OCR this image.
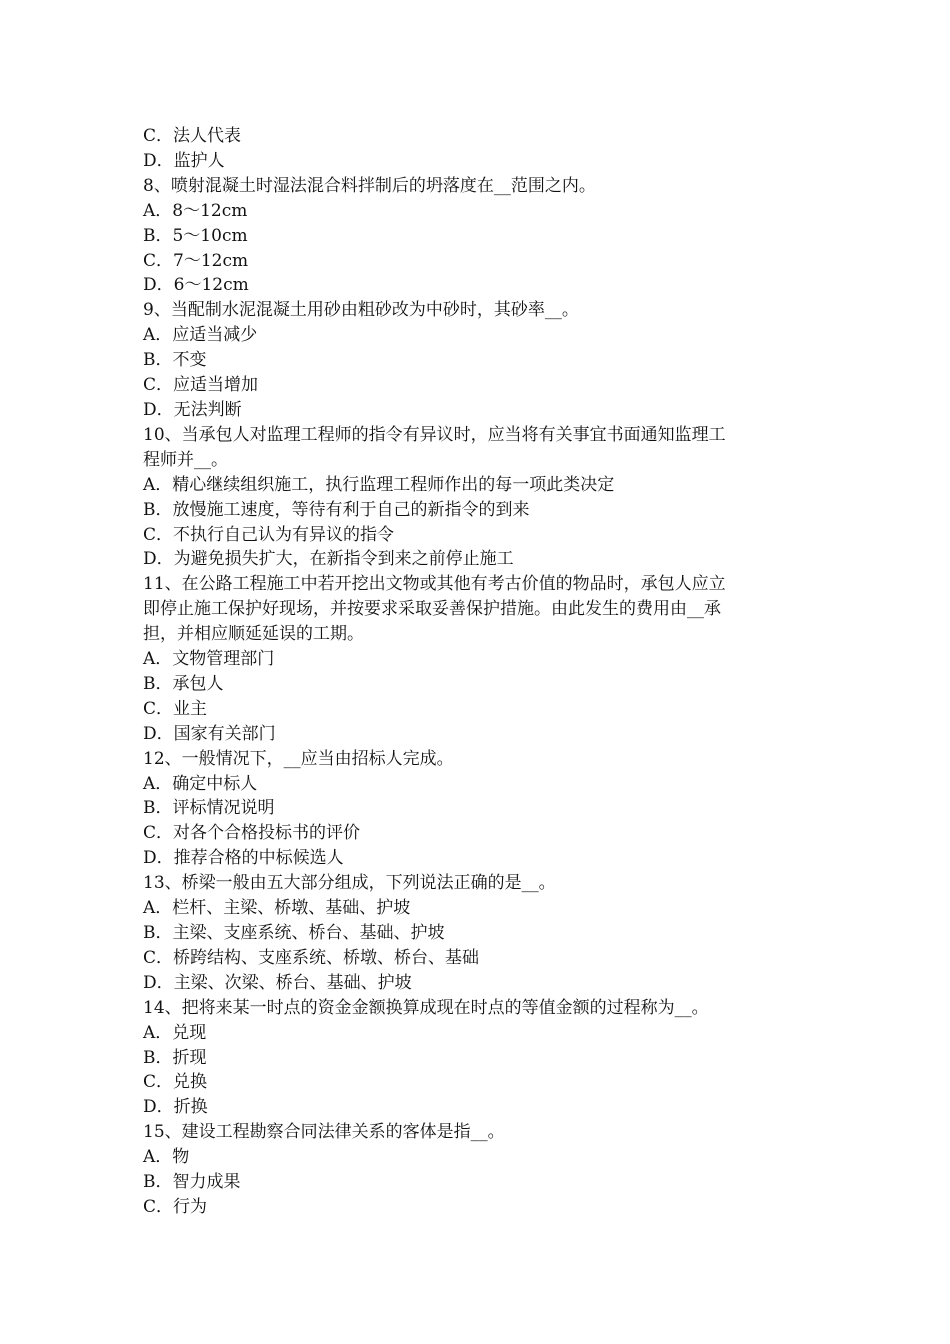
C．法人代表

D．监护人

8、喷射混凝土时湿法混合料拌制后的坍落度在__范围之内。

A．8～12cm

B．5～10cm

C．7～12cm

D．6～12cm

9、当配制水泥混凝土用砂由粗砂改为中砂时，其砂率__。

A．应适当减少

B．不变

C．应适当增加

D．无法判断

10、当承包人对监理工程师的指令有异议时，应当将有关事宜书面通知监理工

程师并__。

A．精心继续组织施工，执行监理工程师作出的每一项此类决定

B．放慢施工速度，等待有利于自己的新指令的到来

C．不执行自己认为有异议的指令

D．为避免损失扩大，在新指令到来之前停止施工

11、在公路工程施工中若开挖出文物或其他有考古价值的物品时，承包人应立

即停止施工保护好现场，并按要求采取妥善保护措施。由此发生的费用由__承

担，并相应顺延延误的工期。

A．文物管理部门

B．承包人

C．业主

D．国家有关部门

12、一般情况下，__应当由招标人完成。

A．确定中标人

B．评标情况说明

C．对各个合格投标书的评价

D．推荐合格的中标候选人

13、桥梁一般由五大部分组成，下列说法正确的是__。

A．栏杆、主梁、桥墩、基础、护坡

B．主梁、支座系统、桥台、基础、护坡

C．桥跨结构、支座系统、桥墩、桥台、基础

D．主梁、次梁、桥台、基础、护坡

14、把将来某一时点的资金金额换算成现在时点的等值金额的过程称为__。

A．兑现

B．折现

C．兑换

D．折换

15、建设工程勘察合同法律关系的客体是指__。

A．物

B．智力成果

C．行为
